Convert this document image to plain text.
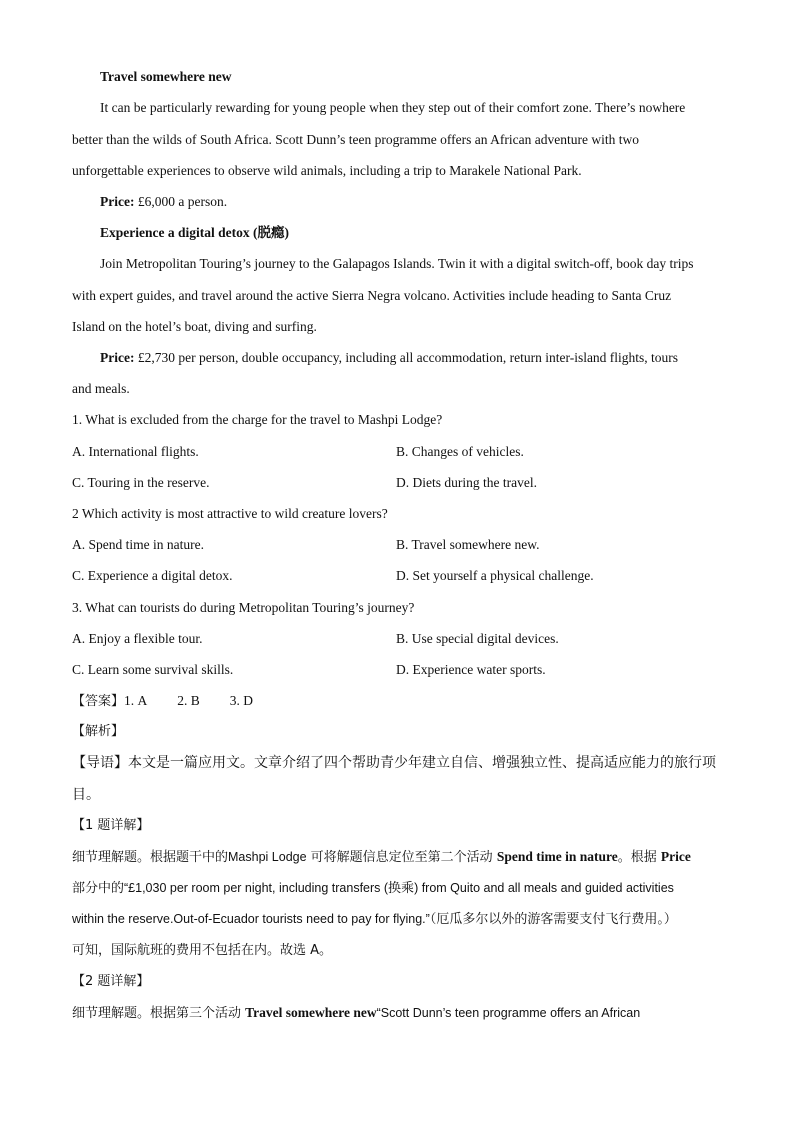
Travel somewhere new
It can be particularly rewarding for young people when they step out of their comfort zone. There’s nowhere
better than the wilds of South Africa. Scott Dunn’s teen programme offers an African adventure with two
unforgettable experiences to observe wild animals, including a trip to Marakele National Park.
Price: £6,000 a person.
Experience a digital detox (脱瘾)
Join Metropolitan Touring’s journey to the Galapagos Islands. Twin it with a digital switch-off, book day trips
with expert guides, and travel around the active Sierra Negra volcano. Activities include heading to Santa Cruz
Island on the hotel’s boat, diving and surfing.
Price: £2,730 per person, double occupancy, including all accommodation, return inter-island flights, tours
and meals.
1. What is excluded from the charge for the travel to Mashpi Lodge?
A. International flights.	B. Changes of vehicles.
C. Touring in the reserve.	D. Diets during the travel.
2 Which activity is most attractive to wild creature lovers?
A. Spend time in nature.	B. Travel somewhere new.
C. Experience a digital detox.	D. Set yourself a physical challenge.
3. What can tourists do during Metropolitan Touring’s journey?
A. Enjoy a flexible tour.	B. Use special digital devices.
C. Learn some survival skills.	D. Experience water sports.
【答案】1. A 2. B 3. D
【解析】
【导语】本文是一篇应用文。文章介绍了四个帮助青少年建立自信、增强独立性、提高适应能力的旅行项
目。
【1 题详解】
细节理解题。根据题干中的Mashpi Lodge 可将解题信息定位至第二个活动 Spend time in nature。根据 Price
部分中的“£1,030 per room per night, including transfers (换乘) from Quito and all meals and guided activities
within the reserve.Out-of-Ecuador tourists need to pay for flying.”（厄瓜多尔以外的游客需要支付飞行费用。）
可知，国际航班的费用不包括在内。故选 A。
【2 题详解】
细节理解题。根据第三个活动 Travel somewhere new“Scott Dunn’s teen programme offers an African
